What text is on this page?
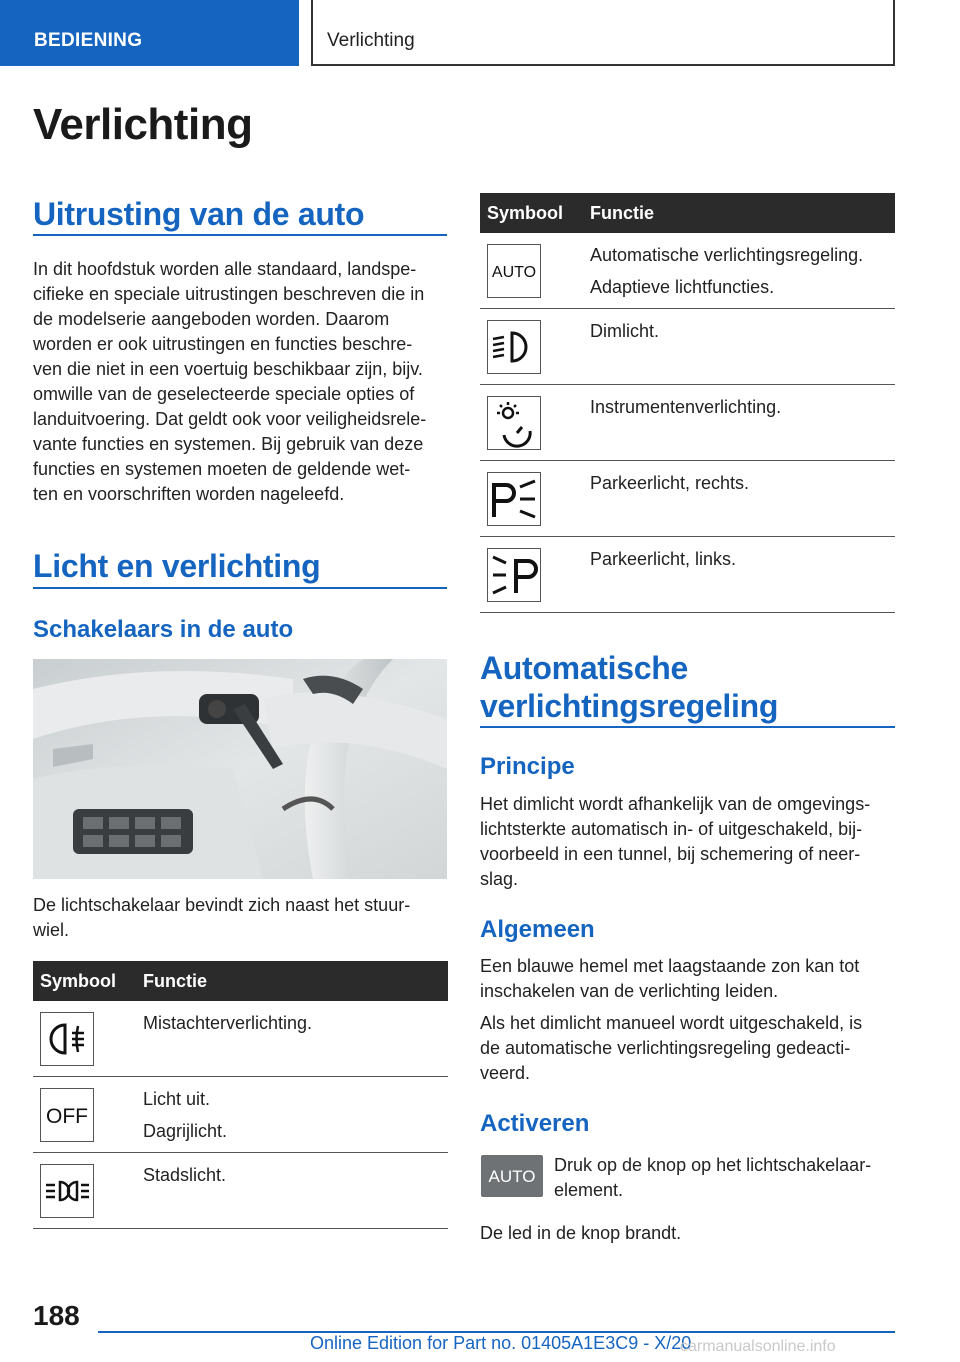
BEDIENING	Verlichting
Verlichting
Uitrusting van de auto

In dit hoofdstuk worden alle standaard, landspe-

cifieke en speciale uitrustingen beschreven die in

de modelserie aangeboden worden. Daarom

worden er ook uitrustingen en functies beschre-

ven die niet in een voertuig beschikbaar zijn, bijv.

omwille van de geselecteerde speciale opties of

landuitvoering. Dat geldt ook voor veiligheidsrele-

vante functies en systemen. Bij gebruik van deze

functies en systemen moeten de geldende wet-

ten en voorschriften worden nageleefd.

Licht en verlichting
Schakelaars in de auto

De lichtschakelaar bevindt zich naast het stuur-

wiel.

Symbool Functie
Mistachterverlichting.
OFF
Licht uit.
Dagrijlicht.
Stadslicht.
Symbool Functie
AUTO
Automatische verlichtingsregeling.
Adaptieve lichtfuncties.
Dimlicht.
Instrumentenverlichting.
Parkeerlicht, rechts.
Parkeerlicht, links.
Automatische
verlichtingsregeling
Principe

Het dimlicht wordt afhankelijk van de omgevings-

lichtsterkte automatisch in- of uitgeschakeld, bij-

voorbeeld in een tunnel, bij schemering of neer-

slag.

Algemeen

Een blauwe hemel met laagstaande zon kan tot

inschakelen van de verlichting leiden.

Als het dimlicht manueel wordt uitgeschakeld, is

de automatische verlichtingsregeling gedeacti-

veerd.

Activeren
AUTO

Druk op de knop op het lichtschakelaar-

element.

De led in de knop brandt.

188
Online Edition for Part no. 01405A1E3C9 - X/20
carmanualsonline.info
